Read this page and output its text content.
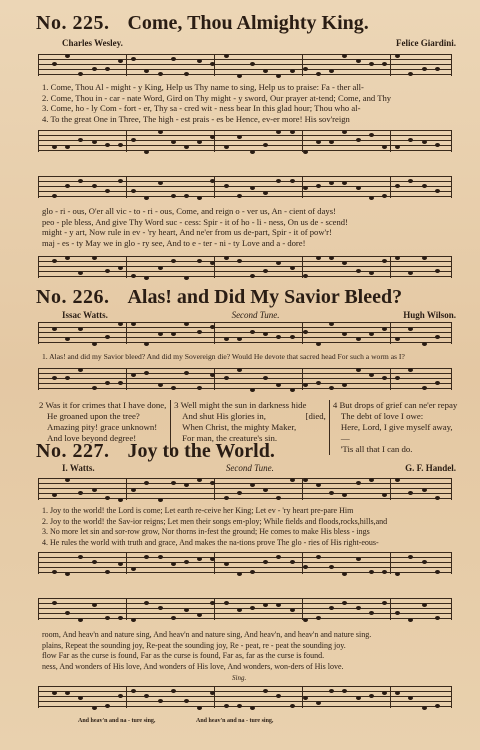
No. 225. Come, Thou Almighty King.
Charles Wesley.	Felice Giardini.
1. Come, Thou Al - might - y King, Help us Thy name to sing, Help us to praise: Fa - ther all-
2. Come, Thou in - car - nate Word, Gird on Thy might - y sword, Our prayer at-tend; Come, and Thy
3. Come, ho - ly Com - fort - er, Thy sa - cred wit - ness bear In this glad hour; Thou who al-
4. To the great One in Three, The high - est prais - es be Hence, ev-er more! His sov'reign
glo - ri - ous, O'er all vic - to - ri - ous, Come, and reign o - ver us, An - cient of days!
peo - ple bless, And give Thy Word suc - cess: Spir - it of ho - li - ness, On us de - scend!
might - y art, Now rule in ev - 'ry heart, And ne'er from us de-part, Spir - it of pow'r!
maj - es - ty May we in glo - ry see, And to e - ter - ni - ty Love and a - dore!
No. 226. Alas! and Did My Savior Bleed?
Issac Watts.	Second Tune.	Hugh Wilson.
1. Alas! and did my Savior bleed? And did my Sovereign die? Would He devote that sacred head For such a worm as I?
2 Was it for crimes that I have done,
He groaned upon the tree?
Amazing pity! grace unknown!
And love beyond degree!
3 Well might the sun in darkness hide
And shut His glories in,                  [died,
When Christ, the mighty Maker,
For man, the creature's sin.
4 But drops of grief can ne'er repay
The debt of love I owe:
Here, Lord, I give myself away, —
'Tis all that I can do.
No. 227. Joy to the World.
I. Watts.	Second Tune.	G. F. Handel.
1. Joy to the world! the Lord is come; Let earth re-ceive her King; Let ev - 'ry heart pre-pare Him
2. Joy to the world! the Sav-ior reigns; Let men their songs em-ploy; While fields and floods,rocks,hills,and
3. No more let sin and sor-row grow, Nor thorns in-fest the ground; He comes to make His bless - ings
4. He rules the world with truth and grace, And makes the na-tions prove The glo - ries of His right-eous-
room, And heav'n and nature sing, And heav'n and nature sing, And heav'n, and heav'n and nature sing.
plains, Repeat the sounding joy, Re-peat the sounding joy, Re - peat, re - peat the sounding joy.
flow Far as the curse is found, Far as the curse is found, Far as, far as the curse is found.
ness, And wonders of His love, And wonders of His love, And wonders, won-ders of His love.
Sing.
And heav'n and na - ture sing,	And heav'n and na - ture sing,
